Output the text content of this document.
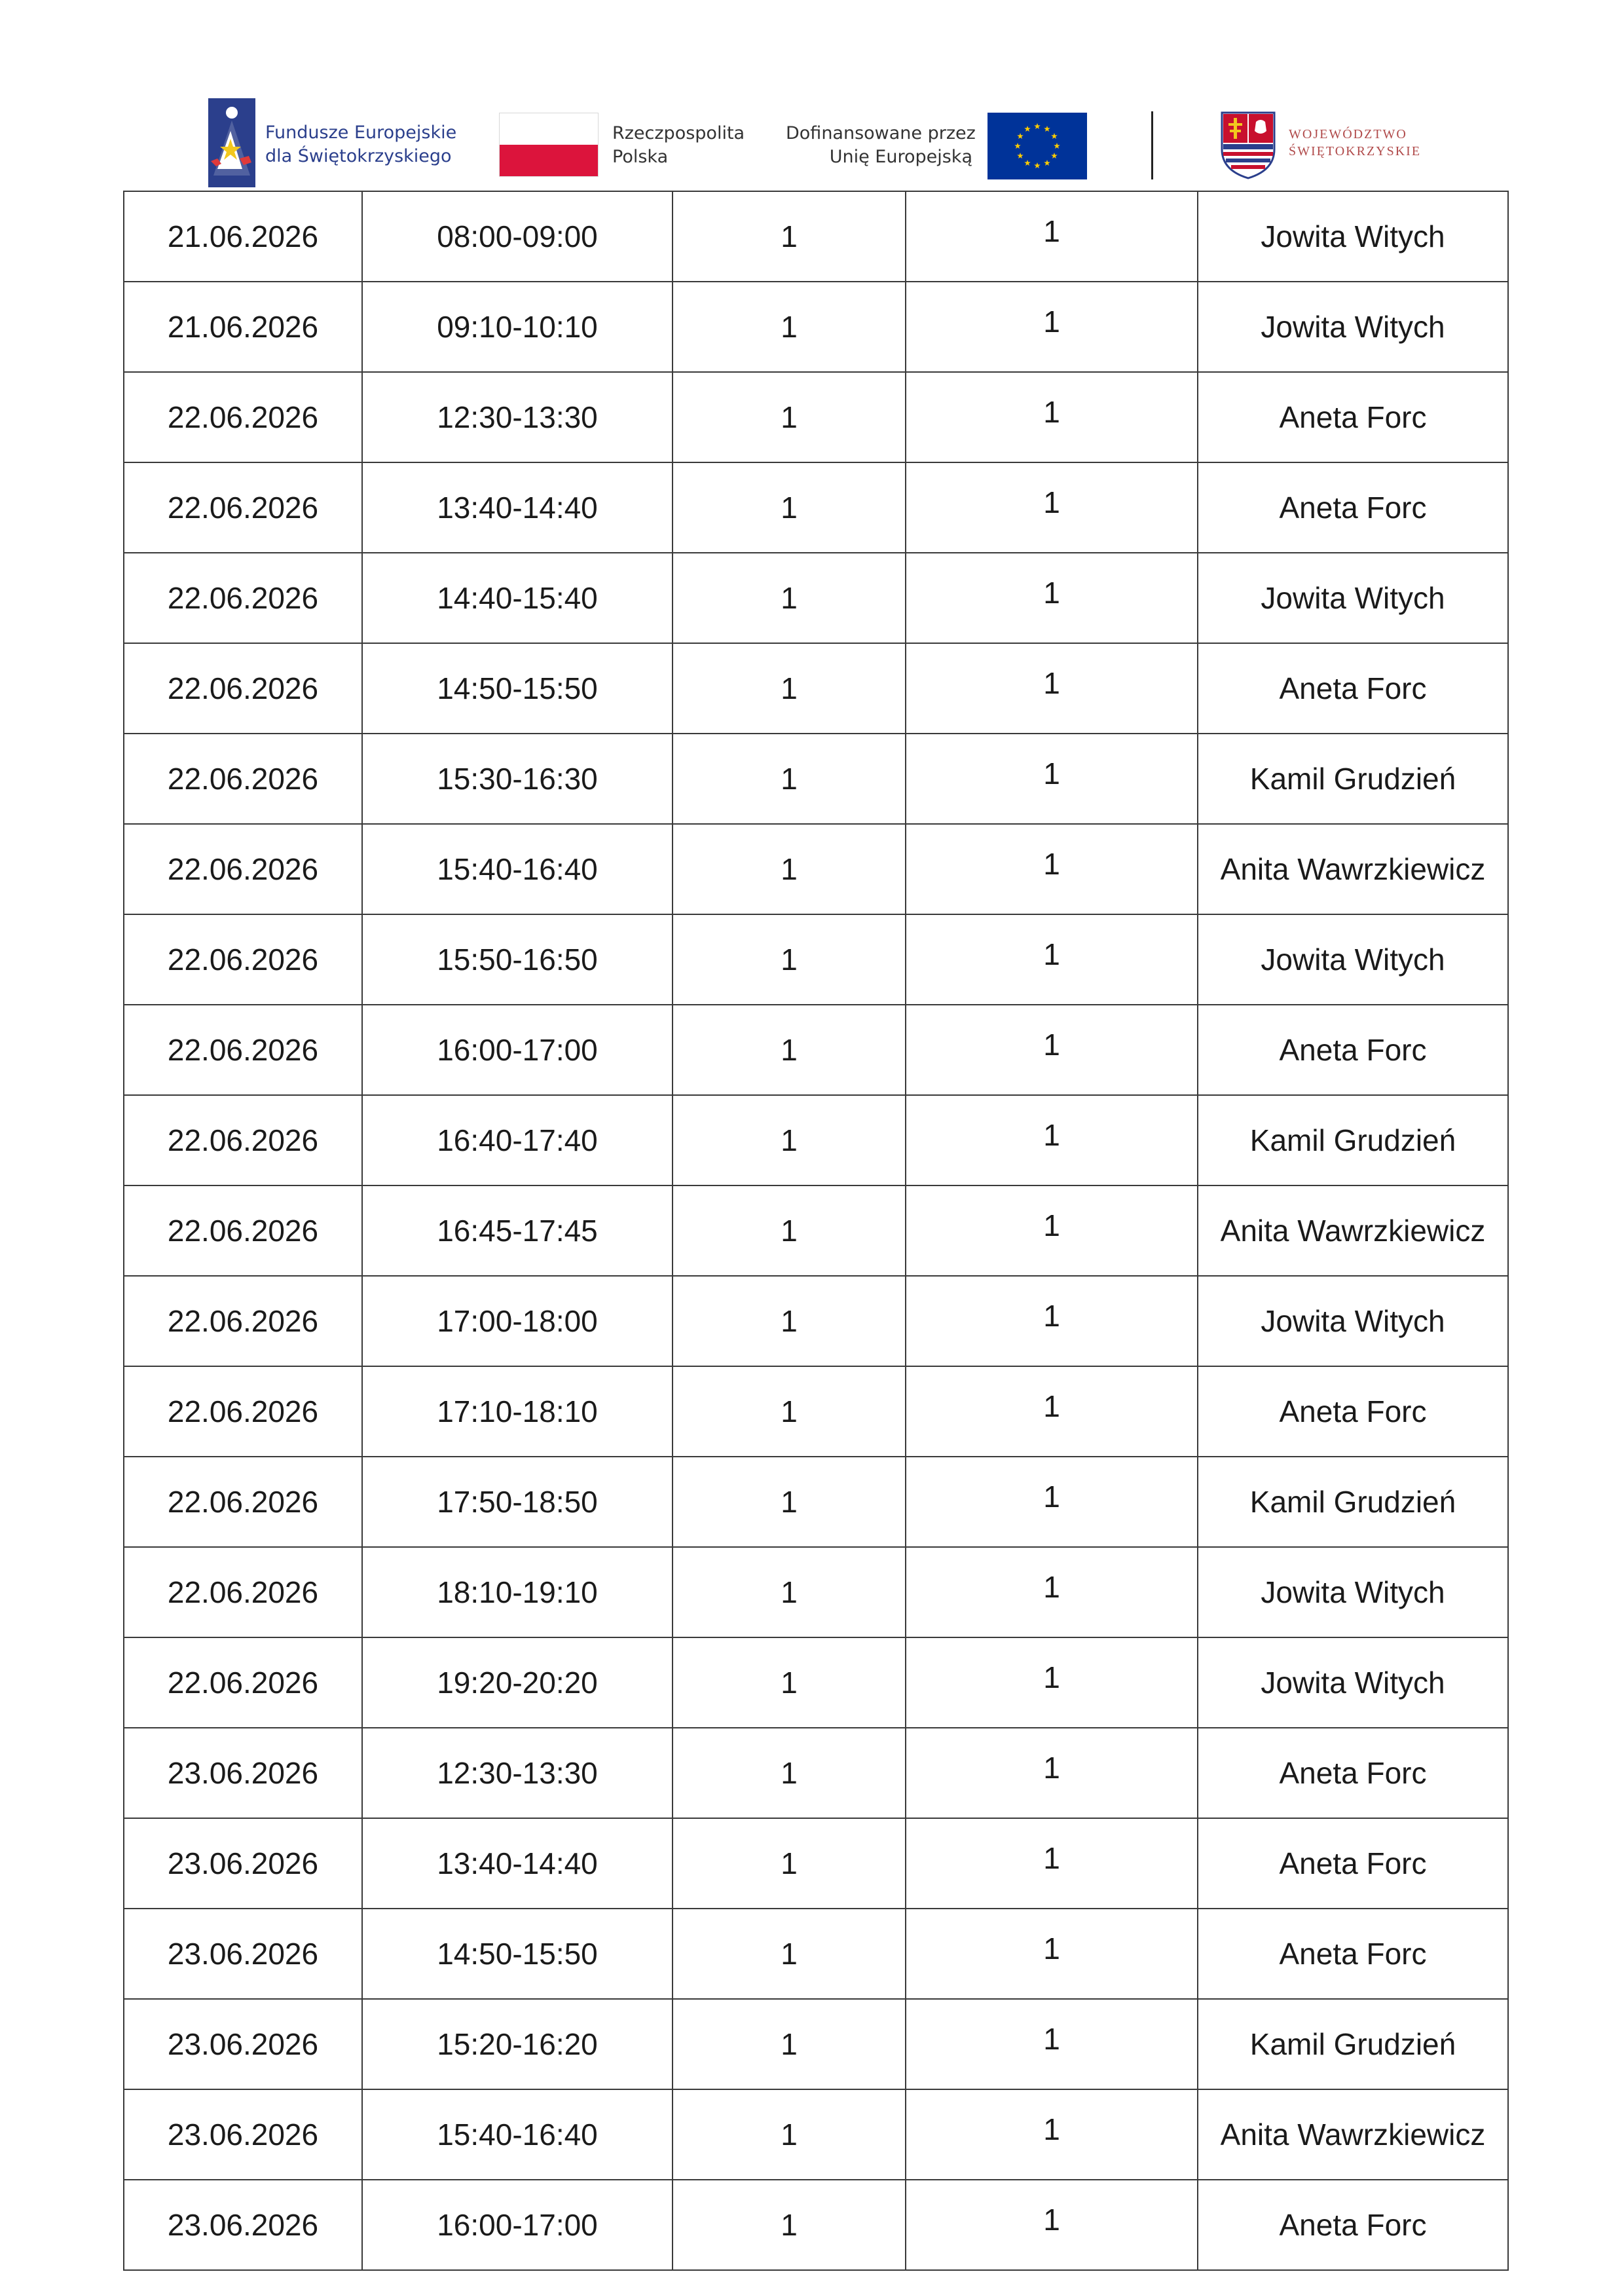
Fundusze Europejskie
dla Świętokrzyskiego
Rzeczpospolita
Polska
Dofinansowane przez
Unię Europejską
WOJEWÓDZTWO
ŚWIĘTOKRZYSKIE
21.06.2026	08:00-09:00	1	1	Jowita Witych
21.06.2026	09:10-10:10	1	1	Jowita Witych
22.06.2026	12:30-13:30	1	1	Aneta Forc
22.06.2026	13:40-14:40	1	1	Aneta Forc
22.06.2026	14:40-15:40	1	1	Jowita Witych
22.06.2026	14:50-15:50	1	1	Aneta Forc
22.06.2026	15:30-16:30	1	1	Kamil Grudzień
22.06.2026	15:40-16:40	1	1	Anita Wawrzkiewicz
22.06.2026	15:50-16:50	1	1	Jowita Witych
22.06.2026	16:00-17:00	1	1	Aneta Forc
22.06.2026	16:40-17:40	1	1	Kamil Grudzień
22.06.2026	16:45-17:45	1	1	Anita Wawrzkiewicz
22.06.2026	17:00-18:00	1	1	Jowita Witych
22.06.2026	17:10-18:10	1	1	Aneta Forc
22.06.2026	17:50-18:50	1	1	Kamil Grudzień
22.06.2026	18:10-19:10	1	1	Jowita Witych
22.06.2026	19:20-20:20	1	1	Jowita Witych
23.06.2026	12:30-13:30	1	1	Aneta Forc
23.06.2026	13:40-14:40	1	1	Aneta Forc
23.06.2026	14:50-15:50	1	1	Aneta Forc
23.06.2026	15:20-16:20	1	1	Kamil Grudzień
23.06.2026	15:40-16:40	1	1	Anita Wawrzkiewicz
23.06.2026	16:00-17:00	1	1	Aneta Forc
